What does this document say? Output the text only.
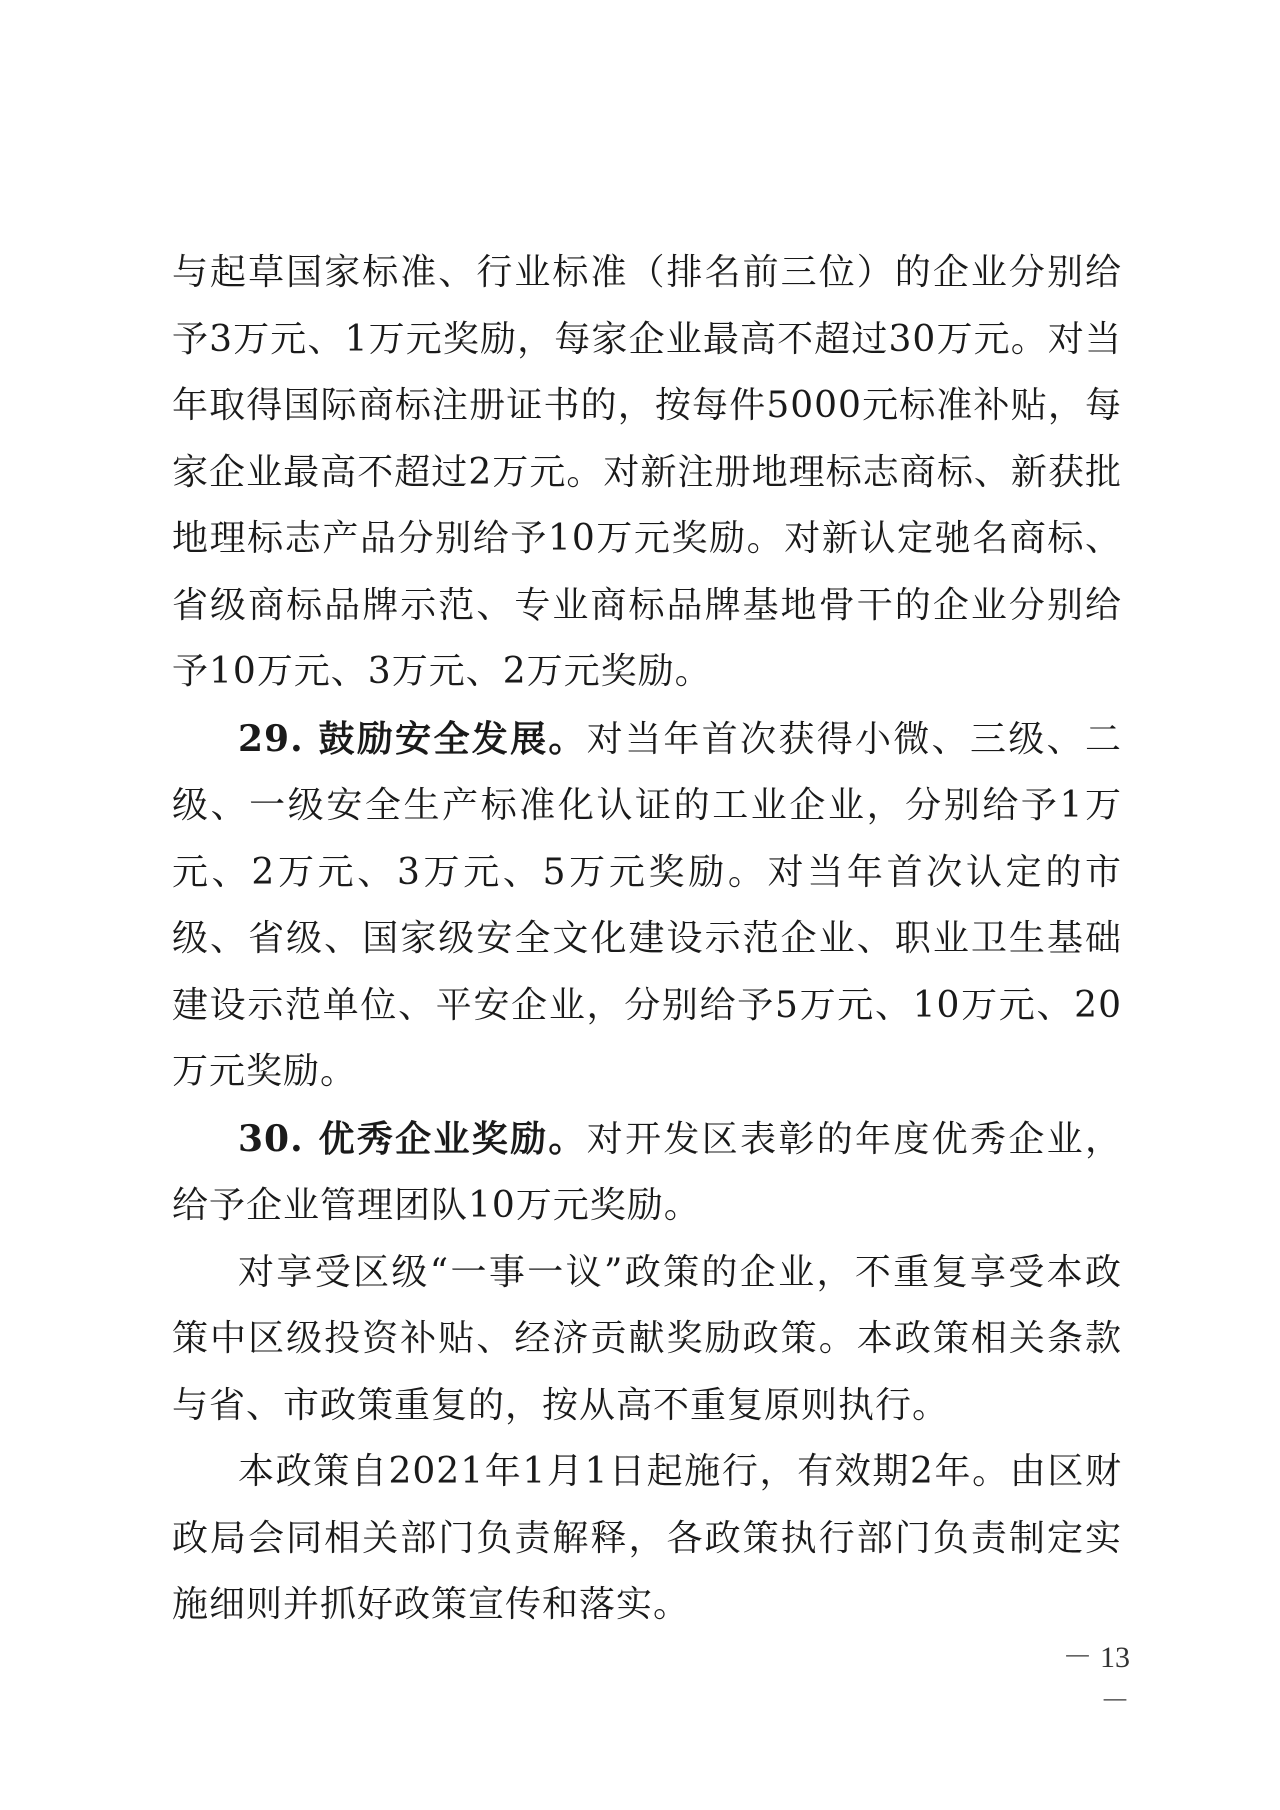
与起草国家标准、行业标准（排名前三位）的企业分别给予3万元、1万元奖励，每家企业最高不超过30万元。对当年取得国际商标注册证书的，按每件5000元标准补贴，每家企业最高不超过2万元。对新注册地理标志商标、新获批地理标志产品分别给予10万元奖励。对新认定驰名商标、省级商标品牌示范、专业商标品牌基地骨干的企业分别给予10万元、3万元、2万元奖励。

29. 鼓励安全发展。对当年首次获得小微、三级、二级、一级安全生产标准化认证的工业企业，分别给予1万元、2万元、3万元、5万元奖励。对当年首次认定的市级、省级、国家级安全文化建设示范企业、职业卫生基础建设示范单位、平安企业，分别给予5万元、10万元、20万元奖励。

30. 优秀企业奖励。对开发区表彰的年度优秀企业，给予企业管理团队10万元奖励。

对享受区级“一事一议”政策的企业，不重复享受本政策中区级投资补贴、经济贡献奖励政策。本政策相关条款与省、市政策重复的，按从高不重复原则执行。

本政策自2021年1月1日起施行，有效期2年。由区财政局会同相关部门负责解释，各政策执行部门负责制定实施细则并抓好政策宣传和落实。

－ 13 －
